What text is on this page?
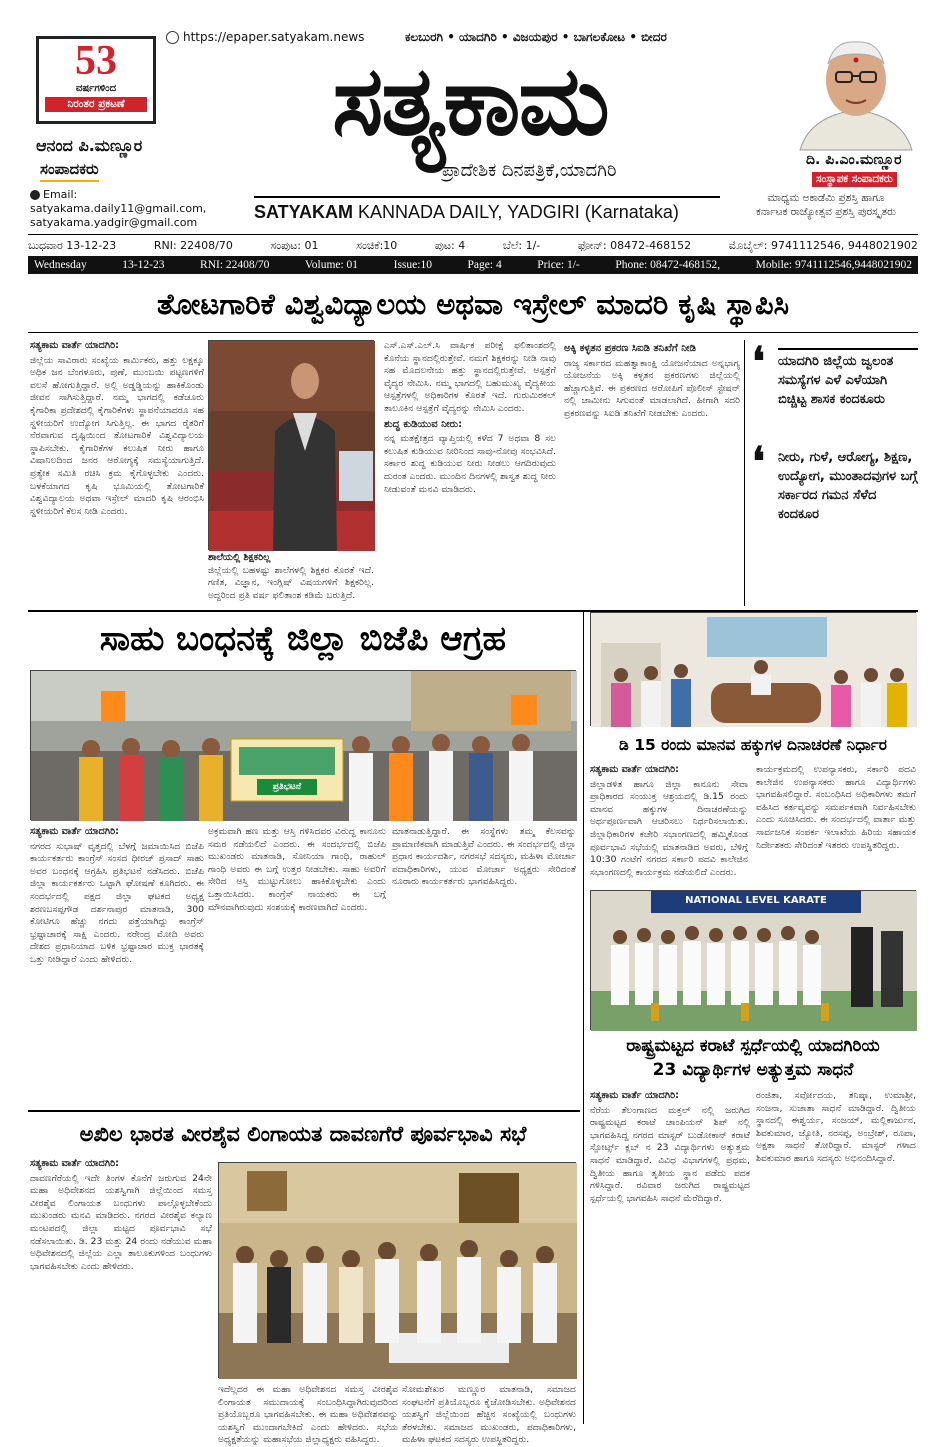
53
ವರ್ಷಗಳಿಂದ
ನಿರಂತರ ಪ್ರಕಟಣೆ
https://epaper.satyakam.news	ಕಲಬುರಗಿ • ಯಾದಗಿರಿ • ವಿಜಯಪುರ • ಬಾಗಲಕೋಟ • ಬೀದರ
ಸತ್ಯಕಾಮ
ಪ್ರಾದೇಶಿಕ ದಿನಪತ್ರಿಕೆ,ಯಾದಗಿರಿ
ಆನಂದ ಪಿ.ಮಣ್ಣೂರ
ಸಂಪಾದಕರು
Email:
satyakama.daily11@gmail.com,
satyakama.yadgir@gmail.com
ದಿ. ಪಿ.ಎಂ.ಮಣ್ಣೂರ
ಸಂಸ್ಥಾಪಕ ಸಂಪಾದಕರು
ಮಾಧ್ಯಮ ಅಕಾಡೆಮಿ ಪ್ರಶಸ್ತಿ ಹಾಗೂ
ಕರ್ನಾಟಕ ರಾಜ್ಯೋತ್ಸವ ಪ್ರಶಸ್ತಿ ಪುರಸ್ಕೃತರು
SATYAKAM KANNADA DAILY, YADGIRI (Karnataka)
ಬುಧವಾರ 13-12-23	RNI: 22408/70	ಸಂಪುಟ: 01	ಸಂಚಿಕೆ:10	ಪುಟ: 4	ಬೆಲೆ: 1/-	ಫೋನ್: 08472-468152	ಮೊಬೈಲ್: 9741112546, 9448021902
Wednesday	13-12-23	RNI: 22408/70	Volume: 01	Issue:10	Page: 4	Price: 1/-	Phone: 08472-468152,	Mobile: 9741112546,9448021902
ತೋಟಗಾರಿಕೆ ವಿಶ್ವವಿದ್ಯಾಲಯ ಅಥವಾ ಇಸ್ರೇಲ್ ಮಾದರಿ ಕೃಷಿ ಸ್ಥಾಪಿಸಿ
ಸತ್ಯಕಾಮ ವಾರ್ತೆ ಯಾದಗಿರಿ:

ಜಿಲ್ಲೆಯ ಸಾವಿರಾರು ಸಂಖ್ಯೆಯ ಕಾರ್ಮಿಕರು, ಹತ್ತು ಲಕ್ಷಕ್ಕೂ ಅಧಿಕ ಜನ ಬೆಂಗಳೂರು, ಪುಣೆ, ಮುಂಬಯಿ ಪಟ್ಟಣಗಳಿಗೆ ವಲಸೆ ಹೋಗುತ್ತಿದ್ದಾರೆ. ಅಲ್ಲಿ ಅಡ್ಡಡ್ಡಿಯನ್ನು ಹಾಕಿಕೊಂಡು ಜೀವನ ಸಾಗಿಸುತ್ತಿದ್ದಾರೆ. ನಮ್ಮ ಭಾಗದಲ್ಲಿ ಕಡೆಚೂರು ಕೈಗಾರಿಕಾ ಪ್ರದೇಶದಲ್ಲಿ ಕೈಗಾರಿಕೆಗಳು ಸ್ಥಾಪನೆಯಾದರೂ ಸಹ ಸ್ಥಳೀಯರಿಗೆ ಉದ್ಯೋಗ ಸಿಗುತ್ತಿಲ್ಲ. ಈ ಭಾಗದ ರೈತರಿಗೆ ನೆರವಾಗುವ ದೃಷ್ಟಿಯಿಂದ ತೋಟಗಾರಿಕೆ ವಿಶ್ವವಿದ್ಯಾಲಯ ಸ್ಥಾಪಿಸಬೇಕು. ಕೈಗಾರಿಕೆಗಳ ಕಲುಷಿತ ನೀರು ಹಾಗೂ ವಿಷಾನಿಲದಿಂದ ಜನರ ಆರೋಗ್ಯಕ್ಕೆ ಸಮಸ್ಯೆಯಾಗುತ್ತಿದೆ. ಪ್ರತ್ಯೇಕ ಸಮಿತಿ ರಚಿಸಿ ಕ್ರಮ ಕೈಗೊಳ್ಳಬೇಕು ಎಂದರು. ಬಳಕೆಯಾಗದ ಕೃಷಿ ಭೂಮಿಯಲ್ಲಿ ತೋಟಗಾರಿಕೆ ವಿಶ್ವವಿದ್ಯಾಲಯ ಅಥವಾ ಇಸ್ರೇಲ್ ಮಾದರಿ ಕೃಷಿ ಆರಂಭಿಸಿ ಸ್ಥಳೀಯರಿಗೆ ಕೆಲಸ ನೀಡಿ ಎಂದರು.

ಶಾಲೆಯಲ್ಲಿ ಶಿಕ್ಷಕರಿಲ್ಲ

ಜಿಲ್ಲೆಯಲ್ಲಿ ಬಹಳಷ್ಟು ಶಾಲೆಗಳಲ್ಲಿ ಶಿಕ್ಷಕರ ಕೊರತೆ ಇದೆ. ಗಣಿತ, ವಿಜ್ಞಾನ, ಇಂಗ್ಲಿಷ್ ವಿಷಯಗಳಿಗೆ ಶಿಕ್ಷಕರಿಲ್ಲ. ಅದ್ದರಿಂದ ಪ್ರತಿ ವರ್ಷ ಫಲಿತಾಂಶ ಕಡಿಮೆ ಬರುತ್ತಿದೆ.

ಎಸ್.ಎಸ್.ಎಲ್.ಸಿ ವಾರ್ಷಿಕ ಪರೀಕ್ಷೆ ಫಲಿತಾಂಶದಲ್ಲಿ ಕೊನೆಯ ಸ್ಥಾನದಲ್ಲಿರುತ್ತೇವೆ. ನಮಗೆ ಶಿಕ್ಷಕರನ್ನು ನೀಡಿ ನಾವು ಸಹ ಮೊದಲನೇಯ ಹತ್ತು ಸ್ಥಾನದಲ್ಲಿರುತ್ತೇವೆ. ಆಸ್ಪತ್ರೆಗೆ ವೈದ್ಯರ ನೇಮಿಸಿ. ನಮ್ಮ ಭಾಗದಲ್ಲಿ ಬಹುಮುಖ್ಯ ವೈದ್ಯಕೀಯ ಆಸ್ಪತ್ರೆಗಳಲ್ಲಿ ಅಧಿಕಾರಿಗಳ ಕೊರತೆ ಇದೆ. ಗುರುಮಿಠಕಲ್ ತಾಲೂಕಿನ ಆಸ್ಪತ್ರೆಗೆ ವೈದ್ಯರನ್ನು ನೇಮಿಸಿ ಎಂದರು.

ಶುದ್ಧ ಕುಡಿಯುವ ನೀರು:

ನನ್ನ ಮತಕ್ಷೇತ್ರದ ವ್ಯಾಪ್ತಿಯಲ್ಲಿ ಕಳೆದ 7 ಅಥವಾ 8 ಸಲ ಕಲುಷಿತ ಕುಡಿಯುವ ನೀರಿನಿಂದ ಸಾವು-ನೋವು ಸಂಭವಿಸಿದೆ. ಸರ್ಕಾರ ಶುದ್ಧ ಕುಡಿಯುವ ನೀರು ನೀಡಲು ಆಗದಿರುವುದು ದುರಂತ ಎಂದರು. ಮುಂದಿನ ದಿನಗಳಲ್ಲಿ ಶಾಸ್ವತ ಶುದ್ಧ ನೀರು ನೀಡುವಂತೆ ಮನವಿ ಮಾಡಿದರು.

ಅಕ್ಕಿ ಕಳ್ಳತನ ಪ್ರಕರಣ ಸಿಐಡಿ ತನಿಖೆಗೆ ನೀಡಿ

ರಾಜ್ಯ ಸರ್ಕಾರದ ಮಹತ್ವಾಕಾಂಕ್ಷಿ ಯೋಜನೆಯಾದ ಅನ್ನಭಾಗ್ಯ ಯೋಜನೆಯ ಅಕ್ಕಿ ಕಳ್ಳತನ ಪ್ರಕರಣಗಳು ಜಿಲ್ಲೆಯಲ್ಲಿ ಹೆಚ್ಚಾಗುತ್ತಿವೆ. ಈ ಪ್ರಕರಣದ ಆರೋಪಿಗೆ ಪೊಲೀಸ್ ಸ್ಟೇಷನ್ ನಲ್ಲಿ ಜಾಮೀನು ಸಿಗುವಂತೆ ಮಾಡಲಾಗಿದೆ. ಹೀಗಾಗಿ ಸದರಿ ಪ್ರಕರಣವನ್ನು ಸಿಐಡಿ ತನಿಖೆಗೆ ನೀಡಬೇಕು ಎಂದರು.

❛ ಯಾದಗಿರಿ ಜಿಲ್ಲೆಯ ಜ್ವಲಂತ ಸಮಸ್ಯೆಗಳ ಎಳೆ ಎಳೆಯಾಗಿ ಬಿಚ್ಚಿಟ್ಟ ಶಾಸಕ ಕಂದಕೂರು
❛ ನೀರು, ಗುಳೆ, ಆರೋಗ್ಯ, ಶಿಕ್ಷಣ, ಉದ್ಯೋಗ, ಮುಂತಾದವುಗಳ ಬಗ್ಗೆ ಸರ್ಕಾರದ ಗಮನ ಸೆಳೆದ ಕಂದಕೂರ
ಸಾಹು ಬಂಧನಕ್ಕೆ ಜಿಲ್ಲಾ ಬಿಜೆಪಿ ಆಗ್ರಹ
ಪ್ರತಿಭಟನೆ
ಸತ್ಯಕಾಮ ವಾರ್ತೆ ಯಾದಗಿರಿ:

ನಗರದ ಸುಭಾಷ್ ವೃತ್ತದಲ್ಲಿ ಬೆಳಗ್ಗೆ ಜಮಾಯಿಸಿದ ಬಿಜೆಪಿ ಕಾರ್ಯಕರ್ತರು ಕಾಂಗ್ರೆಸ್ ಸಂಸದ ಧೀರಜ್ ಪ್ರಸಾದ್ ಸಾಹು ಅವರ ಬಂಧನಕ್ಕೆ ಆಗ್ರಹಿಸಿ ಪ್ರತಿಭಟನೆ ನಡೆಸಿದರು. ಬಿಜೆಪಿ ಜಿಲ್ಲಾ ಕಾರ್ಯಕರ್ತರು ಒಟ್ಟಾಗಿ ಘೋಷಣೆ ಕೂಗಿದರು. ಈ ಸಂದರ್ಭದಲ್ಲಿ ಪಕ್ಷದ ಜಿಲ್ಲಾ ಘಟಕದ ಅಧ್ಯಕ್ಷ ಶರಣಬಸಪ್ಪಗೌಡ ದರ್ಶನಾಪುರ ಮಾತನಾಡಿ, 300 ಕೋಟಿಗೂ ಹೆಚ್ಚು ನಗದು ಪತ್ತೆಯಾಗಿದ್ದು ಕಾಂಗ್ರೆಸ್ ಭ್ರಷ್ಟಾಚಾರಕ್ಕೆ ಸಾಕ್ಷಿ ಎಂದರು. ನರೇಂದ್ರ ಮೋದಿ ಅವರು ದೇಶದ ಪ್ರಧಾನಿಯಾದ ಬಳಿಕ ಭ್ರಷ್ಟಾಚಾರ ಮುಕ್ತ ಭಾರತಕ್ಕೆ ಒತ್ತು ನೀಡಿದ್ದಾರೆ ಎಂದು ಹೇಳಿದರು.

ಅಕ್ರಮವಾಗಿ ಹಣ ಮತ್ತು ಆಸ್ತಿ ಗಳಿಸಿದವರ ವಿರುದ್ಧ ಕಾನೂನು ಸಮರ ನಡೆಯಲಿದೆ ಎಂದರು. ಈ ಸಂದರ್ಭದಲ್ಲಿ ಬಿಜೆಪಿ ಮುಖಂಡರು ಮಾತನಾಡಿ, ಸೋನಿಯಾ ಗಾಂಧಿ, ರಾಹುಲ್ ಗಾಂಧಿ ಅವರು ಈ ಬಗ್ಗೆ ಉತ್ತರ ನೀಡಬೇಕು. ಸಾಹು ಅವರಿಗೆ ಸೇರಿದ ಆಸ್ತಿ ಮುಟ್ಟುಗೋಲು ಹಾಕಿಕೊಳ್ಳಬೇಕು ಎಂದು ಒತ್ತಾಯಿಸಿದರು. ಕಾಂಗ್ರೆಸ್ ನಾಯಕರು ಈ ಬಗ್ಗೆ ಮೌನವಾಗಿರುವುದು ಸಂಶಯಕ್ಕೆ ಕಾರಣವಾಗಿದೆ ಎಂದರು.

ಮಾತನಾಡುತ್ತಿದ್ದಾರೆ. ಈ ಸಂಸ್ಥೆಗಳು ತಮ್ಮ ಕೆಲಸವನ್ನು ಪ್ರಾಮಾಣಿಕವಾಗಿ ಮಾಡುತ್ತಿವೆ ಎಂದರು. ಈ ಸಂದರ್ಭದಲ್ಲಿ ಜಿಲ್ಲಾ ಪ್ರಧಾನ ಕಾರ್ಯದರ್ಶಿ, ನಗರಸಭೆ ಸದಸ್ಯರು, ಮಹಿಳಾ ಮೋರ್ಚಾ ಪದಾಧಿಕಾರಿಗಳು, ಯುವ ಮೋರ್ಚಾ ಅಧ್ಯಕ್ಷರು ಸೇರಿದಂತೆ ನೂರಾರು ಕಾರ್ಯಕರ್ತರು ಭಾಗವಹಿಸಿದ್ದರು.

ಡಿ 15 ರಂದು ಮಾನವ ಹಕ್ಕುಗಳ ದಿನಾಚರಣೆ ನಿರ್ಧಾರ
ಸತ್ಯಕಾಮ ವಾರ್ತೆ ಯಾದಗಿರಿ:

ಜಿಲ್ಲಾಡಳಿತ ಹಾಗೂ ಜಿಲ್ಲಾ ಕಾನೂನು ಸೇವಾ ಪ್ರಾಧಿಕಾರದ ಸಂಯುಕ್ತ ಆಶ್ರಯದಲ್ಲಿ ಡಿ.15 ರಂದು ಮಾನವ ಹಕ್ಕುಗಳ ದಿನಾಚರಣೆಯನ್ನು ಅರ್ಥಪೂರ್ಣವಾಗಿ ಆಚರಿಸಲು ನಿರ್ಧರಿಸಲಾಯಿತು. ಜಿಲ್ಲಾಧಿಕಾರಿಗಳ ಕಚೇರಿ ಸಭಾಂಗಣದಲ್ಲಿ ಹಮ್ಮಿಕೊಂಡ ಪೂರ್ವಭಾವಿ ಸಭೆಯಲ್ಲಿ ಮಾತನಾಡಿದ ಅವರು, ಬೆಳಿಗ್ಗೆ 10:30 ಗಂಟೆಗೆ ನಗರದ ಸರ್ಕಾರಿ ಪದವಿ ಕಾಲೇಜಿನ ಸಭಾಂಗಣದಲ್ಲಿ ಕಾರ್ಯಕ್ರಮ ನಡೆಯಲಿದೆ ಎಂದರು.

ಕಾರ್ಯಕ್ರಮದಲ್ಲಿ ಉಪನ್ಯಾಸಕರು, ಸರ್ಕಾರಿ ಪದವಿ ಕಾಲೇಜಿನ ಉಪನ್ಯಾಸಕರು ಹಾಗೂ ವಿದ್ಯಾರ್ಥಿಗಳು ಭಾಗವಹಿಸಲಿದ್ದಾರೆ. ಸಂಬಂಧಿಸಿದ ಅಧಿಕಾರಿಗಳು ತಮಗೆ ವಹಿಸಿದ ಕರ್ತವ್ಯವನ್ನು ಸಮರ್ಪಕವಾಗಿ ನಿರ್ವಹಿಸಬೇಕು ಎಂದು ಸೂಚಿಸಿದರು. ಈ ಸಂದರ್ಭದಲ್ಲಿ ವಾರ್ತಾ ಮತ್ತು ಸಾರ್ವಜನಿಕ ಸಂಪರ್ಕ ಇಲಾಖೆಯ ಹಿರಿಯ ಸಹಾಯಕ ನಿರ್ದೇಶಕರು ಸೇರಿದಂತೆ ಇತರರು ಉಪಸ್ಥಿತರಿದ್ದರು.

ಅಖಿಲ ಭಾರತ ವೀರಶೈವ ಲಿಂಗಾಯತ ದಾವಣಗೆರೆ ಪೂರ್ವಭಾವಿ ಸಭೆ
ಸತ್ಯಕಾಮ ವಾರ್ತೆ ಯಾದಗಿರಿ:

ದಾವಣಗೆರೆಯಲ್ಲಿ ಇದೇ ತಿಂಗಳ ಕೊನೆಗೆ ಜರುಗುವ 24ನೇ ಮಹಾ ಅಧಿವೇಶನದ ಯಶಸ್ವಿಗಾಗಿ ಜಿಲ್ಲೆಯಿಂದ ಸಮಸ್ತ ವೀರಶೈವ ಲಿಂಗಾಯತ ಬಂಧುಗಳು ಪಾಲ್ಗೊಳ್ಳಬೇಕೆಂದು ಮುಖಂಡರು ಮನವಿ ಮಾಡಿದರು. ನಗರದ ವೀರಶೈವ ಕಲ್ಯಾಣ ಮಂಟಪದಲ್ಲಿ ಜಿಲ್ಲಾ ಮಟ್ಟದ ಪೂರ್ವಭಾವಿ ಸಭೆ ನಡೆಸಲಾಯಿತು. ಡಿ. 23 ಮತ್ತು 24 ರಂದು ನಡೆಯುವ ಮಹಾ ಅಧಿವೇಶನದಲ್ಲಿ ಜಿಲ್ಲೆಯ ಎಲ್ಲಾ ತಾಲೂಕುಗಳಿಂದ ಬಂಧುಗಳು ಭಾಗವಹಿಸಬೇಕು ಎಂದು ಹೇಳಿದರು.

ಇದೆಲ್ಲದರ ಈ ಮಹಾ ಅಧಿವೇಶನದ ಸಮಸ್ತ ವೀರಶೈವ ಲಿಂಗಾಯತ ಸಮುದಾಯಕ್ಕೆ ಸಂಬಂಧಿಸಿದ್ದಾಗಿರುವುದರಿಂದ ಪ್ರತಿಯೊಬ್ಬರೂ ಭಾಗವಹಿಸಬೇಕು. ಈ ಮಹಾ ಅಧಿವೇಶನವನ್ನು ಯಶಸ್ವಿಗೆ ಮುಂದಾಗಬೇಕಿದೆ ಎಂದು ಹೇಳಿದರು. ಸಭೆಯ ಅಧ್ಯಕ್ಷತೆಯನ್ನು ಮಹಾಸಭೆಯ ಜಿಲ್ಲಾಧ್ಯಕ್ಷರು ವಹಿಸಿದ್ದರು.

ಸೋಮಶೇಖರ ಮಣ್ಣೂರ ಮಾತನಾಡಿ, ಸಮಾಜದ ಸಂಘಟನೆಗೆ ಪ್ರತಿಯೊಬ್ಬರೂ ಕೈಜೋಡಿಸಬೇಕು. ಅಧಿವೇಶನದ ಯಶಸ್ವಿಗೆ ಜಿಲ್ಲೆಯಿಂದ ಹೆಚ್ಚಿನ ಸಂಖ್ಯೆಯಲ್ಲಿ ಬಂಧುಗಳು ತೆರಳಬೇಕು. ಸಮಾಜದ ಮುಖಂಡರು, ಪದಾಧಿಕಾರಿಗಳು, ಮಹಿಳಾ ಘಟಕದ ಸದಸ್ಯರು ಉಪಸ್ಥಿತರಿದ್ದರು.

NATIONAL LEVEL KARATE
ರಾಷ್ಟ್ರಮಟ್ಟದ ಕರಾಟೆ ಸ್ಪರ್ಧೆಯಲ್ಲಿ ಯಾದಗಿರಿಯ
23 ವಿದ್ಯಾರ್ಥಿಗಳ ಅತ್ಯುತ್ತಮ ಸಾಧನೆ
ಸತ್ಯಕಾಮ ವಾರ್ತೆ ಯಾದಗಿರಿ:

ನೆರೆಯ ತೆಲಂಗಾಣದ ಮಕ್ತಲ್ ನಲ್ಲಿ ಜರುಗಿದ ರಾಷ್ಟ್ರಮಟ್ಟದ ಕರಾಟೆ ಚಾಂಪಿಯನ್ ಶಿಪ್ ನಲ್ಲಿ ಭಾಗವಹಿಸಿದ್ದ ನಗರದ ಮಾಸ್ಟರ್ ಬುಡೋಕಾನ್ ಕರಾಟೆ ಸ್ಪೋರ್ಟ್ಸ್ ಕ್ಲಬ್ ನ 23 ವಿದ್ಯಾರ್ಥಿಗಳು ಅತ್ಯುತ್ತಮ ಸಾಧನೆ ಮಾಡಿದ್ದಾರೆ. ವಿವಿಧ ವಿಭಾಗಗಳಲ್ಲಿ ಪ್ರಥಮ, ದ್ವಿತೀಯ ಹಾಗೂ ತೃತೀಯ ಸ್ಥಾನ ಪಡೆದು ಪದಕ ಗಳಿಸಿದ್ದಾರೆ. ರವಿವಾರ ಜರುಗಿದ ರಾಷ್ಟ್ರಮಟ್ಟದ ಸ್ಪರ್ಧೆಯಲ್ಲಿ ಭಾಗವಹಿಸಿ ಸಾಧನೆ ಮೆರೆದಿದ್ದಾರೆ.

ರಂಜಿತಾ, ಸರ್ವೋದಯ, ತನಿಷ್ಕಾ, ಉಮಾಶ್ರೀ, ಸಂಜನಾ, ಸುಜಾತಾ ಸಾಧನೆ ಮಾಡಿದ್ದಾರೆ. ದ್ವಿತೀಯ ಸ್ಥಾನದಲ್ಲಿ ಈಶ್ವರ್ಯ, ಸಂಜಯ್, ಮಲ್ಲಿಕಾರ್ಜುನ, ಶಿವಕುಮಾರ, ಜ್ಯೋತಿ, ನರಸಪ್ಪ, ಅಂಬ್ರೇಶ್, ರೂಪಾ, ಅಕ್ಷತಾ ಸಾಧನೆ ತೋರಿದ್ದಾರೆ. ಮಾಸ್ಟರ್ ಗಳಾದ ಶಿವಕುಮಾರ ಹಾಗೂ ಸದಸ್ಯರು ಅಭಿನಂದಿಸಿದ್ದಾರೆ.
